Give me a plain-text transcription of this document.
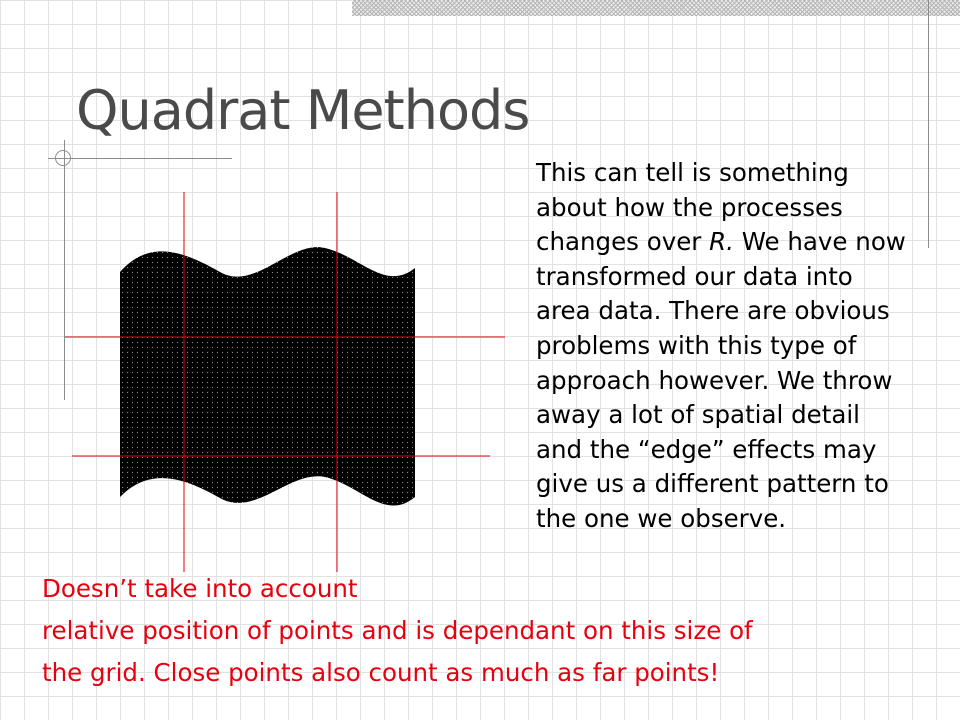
Quadrat Methods

This can tell is something about how the processes changes over R. We have now transformed our data into area data. There are obvious problems with this type of approach however. We throw away a lot of spatial detail and the “edge” effects may give us a different pattern to the one we observe.

Doesn’t take into account

relative position of points and is dependant on this size of

the grid. Close points also count as much as far points!
